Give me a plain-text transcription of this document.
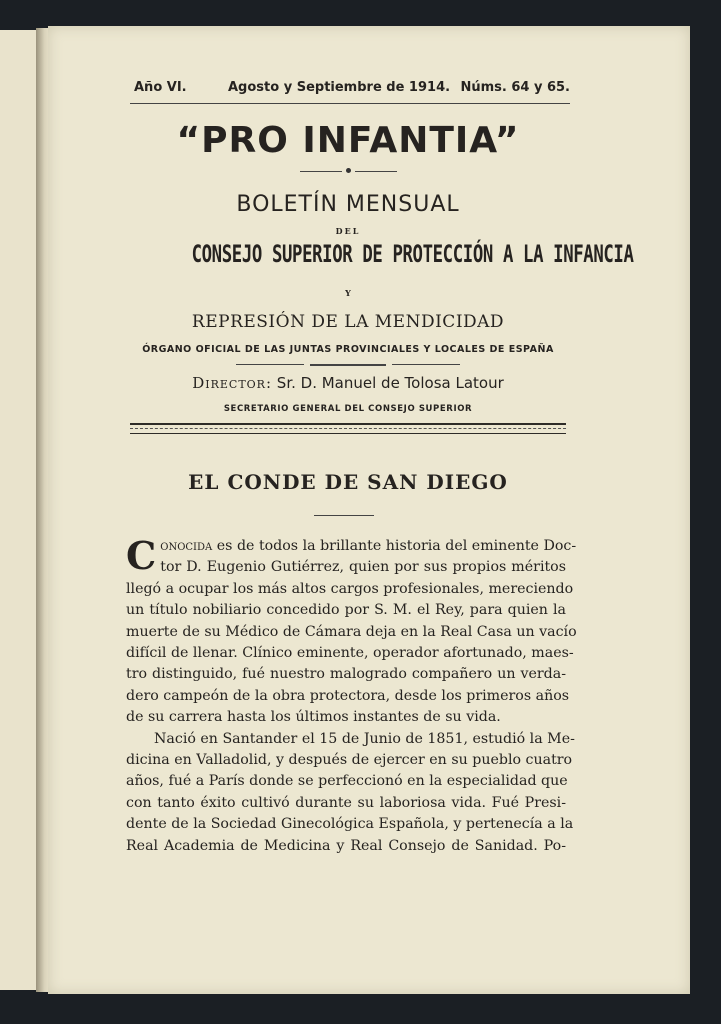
Año VI.	Agosto y Septiembre de 1914. Núms. 64 y 65.
“PRO INFANTIA”
BOLETÍN MENSUAL
DEL
CONSEJO SUPERIOR DE PROTECCIÓN A LA INFANCIA
Y
REPRESIÓN DE LA MENDICIDAD
ÓRGANO OFICIAL DE LAS JUNTAS PROVINCIALES Y LOCALES DE ESPAÑA
Director: Sr. D. Manuel de Tolosa Latour
SECRETARIO GENERAL DEL CONSEJO SUPERIOR
EL CONDE DE SAN DIEGO
C onocida es de todos la brillante historia del eminente Doc-
tor D. Eugenio Gutiérrez, quien por sus propios méritos
llegó a ocupar los más altos cargos profesionales, mereciendo
un título nobiliario concedido por S. M. el Rey, para quien la
muerte de su Médico de Cámara deja en la Real Casa un vacío
difícil de llenar. Clínico eminente, operador afortunado, maes-
tro distinguido, fué nuestro malogrado compañero un verda-
dero campeón de la obra protectora, desde los primeros años
de su carrera hasta los últimos instantes de su vida.
Nació en Santander el 15 de Junio de 1851, estudió la Me-
dicina en Valladolid, y después de ejercer en su pueblo cuatro
años, fué a París donde se perfeccionó en la especialidad que
con tanto éxito cultivó durante su laboriosa vida. Fué Presi-
dente de la Sociedad Ginecológica Española, y pertenecía a la
Real Academia de Medicina y Real Consejo de Sanidad. Po-
